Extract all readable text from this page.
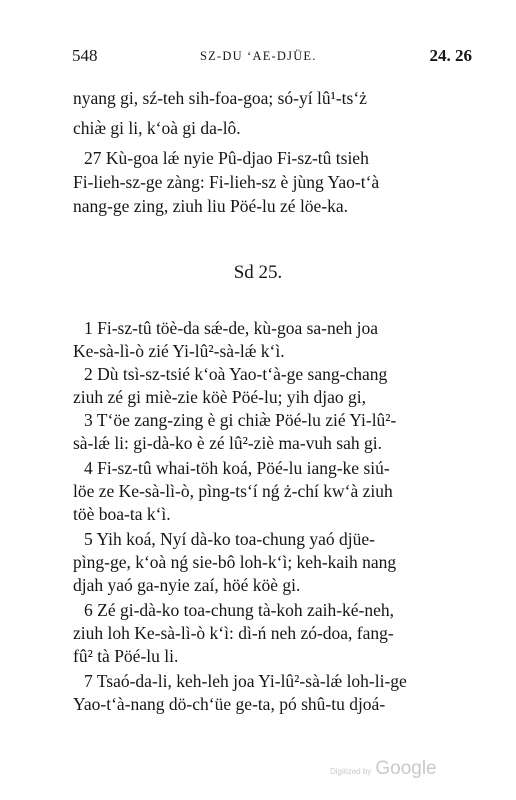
548	SZ-DU ‘AE-DJÜE.	24. 26
nyang gi, sź-teh sih-foa-goa; só-yí lû¹-ts‘ż
chiæ̀ gi li, k‘oà gi da-lô.
27 Kù-goa lǽ nyie Pû-djao Fi-sz-tû tsieh
Fi-lieh-sz-ge zàng: Fi-lieh-sz è jùng Yao-t‘à
nang-ge zing, ziuh liu Pöé-lu zé löe-ka.
Sd 25.
1 Fi-sz-tû töè-da sǽ-de, kù-goa sa-neh joa
Ke-sà-lì-ò zié Yi-lû²-sà-lǽ k‘ì.
2 Dù tsì-sz-tsié k‘oà Yao-t‘à-ge sang-chang
ziuh zé gi miè-zie köè Pöé-lu; yih djao gi,
3 T‘öe zang-zing è gi chiæ̀ Pöé-lu zié Yi-lû²-
sà-lǽ li: gi-dà-ko è zé lû²-ziè ma-vuh sah gi.
4 Fi-sz-tû whai-töh koá, Pöé-lu iang-ke siú-
löe ze Ke-sà-lì-ò, pìng-ts‘í nǵ ż-chí kw‘à ziuh
töè boa-ta k‘ì.
5 Yih koá, Nyí dà-ko toa-chung yaó djüe-
pìng-ge, k‘oà nǵ sie-bô loh-k‘ì; keh-kaih nang
djah yaó ga-nyie zaí, höé köè gi.
6 Zé gi-dà-ko toa-chung tà-koh zaih-ké-neh,
ziuh loh Ke-sà-lì-ò k‘ì: dì-ń neh zó-doa, fang-
fû² tà Pöé-lu li.
7 Tsaó-da-li, keh-leh joa Yi-lû²-sà-lǽ loh-li-ge
Yao-t‘à-nang dö-ch‘üe ge-ta, pó shû-tu djoá-
Digitized by Google
